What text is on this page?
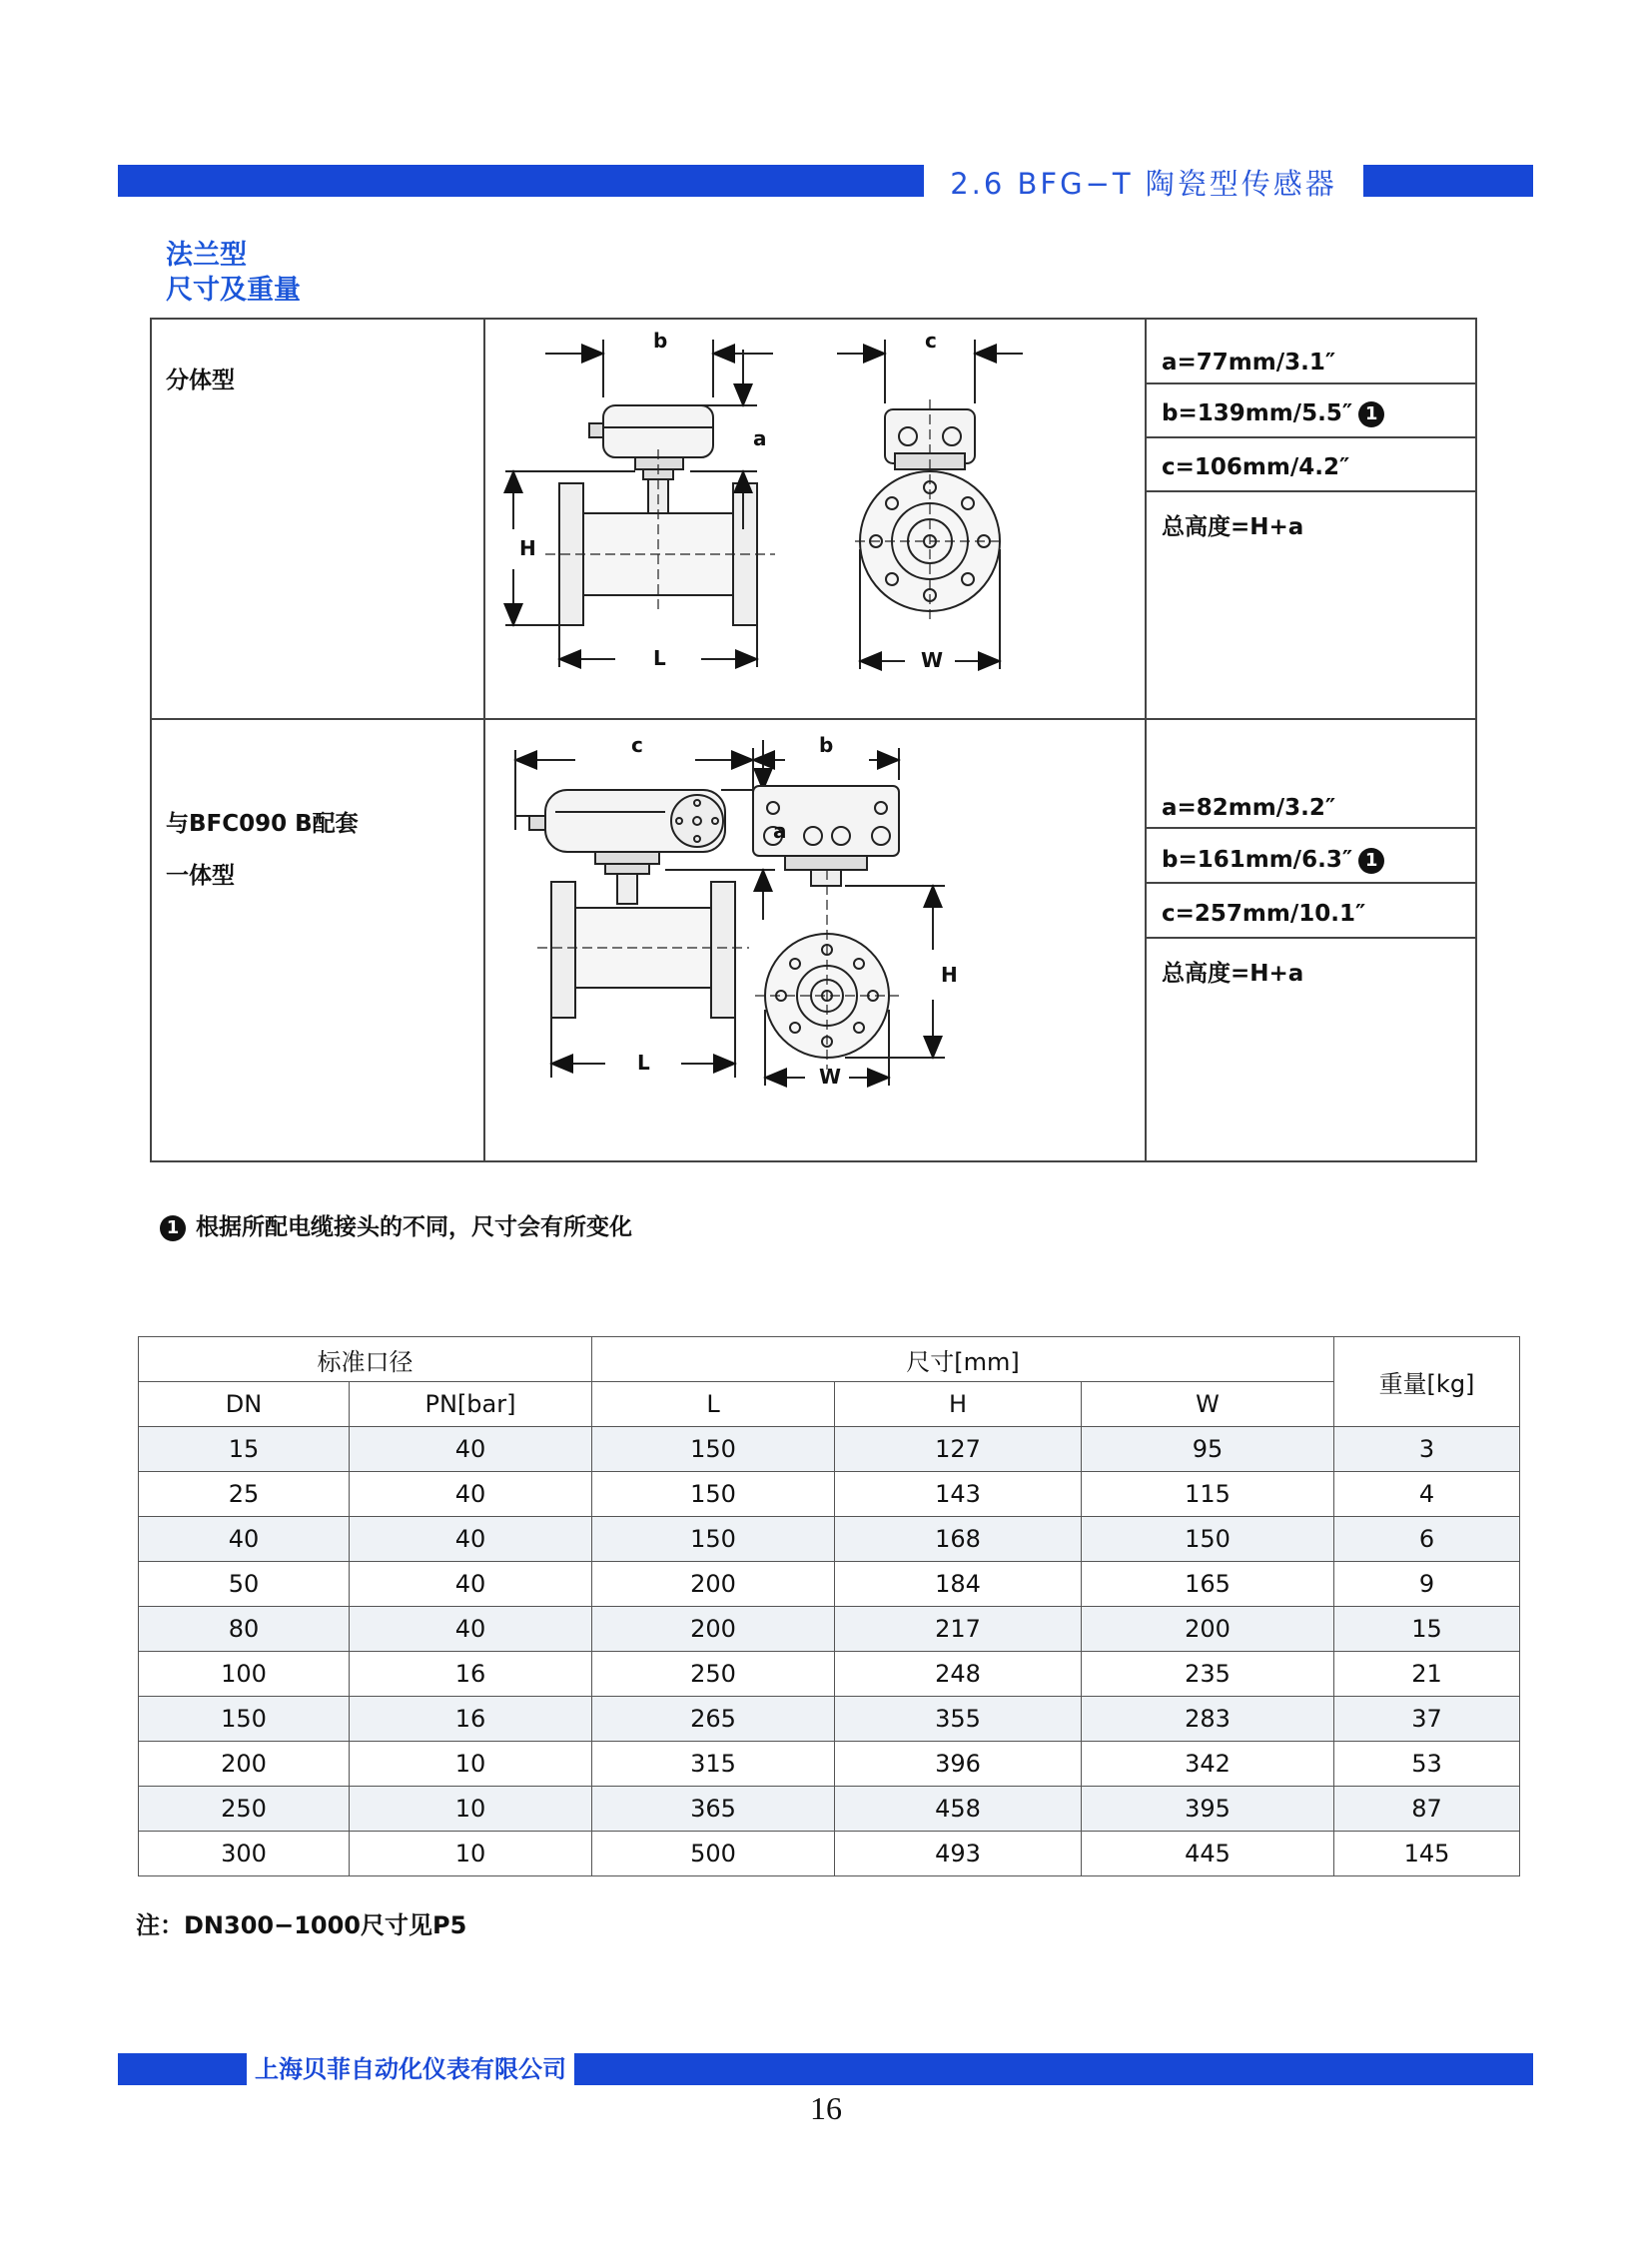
2.6 BFG−T 陶瓷型传感器
法兰型
尺寸及重量
分体型
与BFC090 B配套
一体型
a=77mm/3.1″
b=139mm/5.5″ 1
c=106mm/4.2″
总高度=H+a
a=82mm/3.2″
b=161mm/6.3″ 1
c=257mm/10.1″
总高度=H+a
b
a
H
L
c
W
c
a
L
b
H
W
1 根据所配电缆接头的不同，尺寸会有所变化
标准口径		尺寸[mm]			重量[kg]
DN	PN[bar]	L	H	W	
15	40	150	127	95	3
25	40	150	143	115	4
40	40	150	168	150	6
50	40	200	184	165	9
80	40	200	217	200	15
100	16	250	248	235	21
150	16	265	355	283	37
200	10	315	396	342	53
250	10	365	458	395	87
300	10	500	493	445	145
注：DN300−1000尺寸见P5
上海贝菲自动化仪表有限公司
16
